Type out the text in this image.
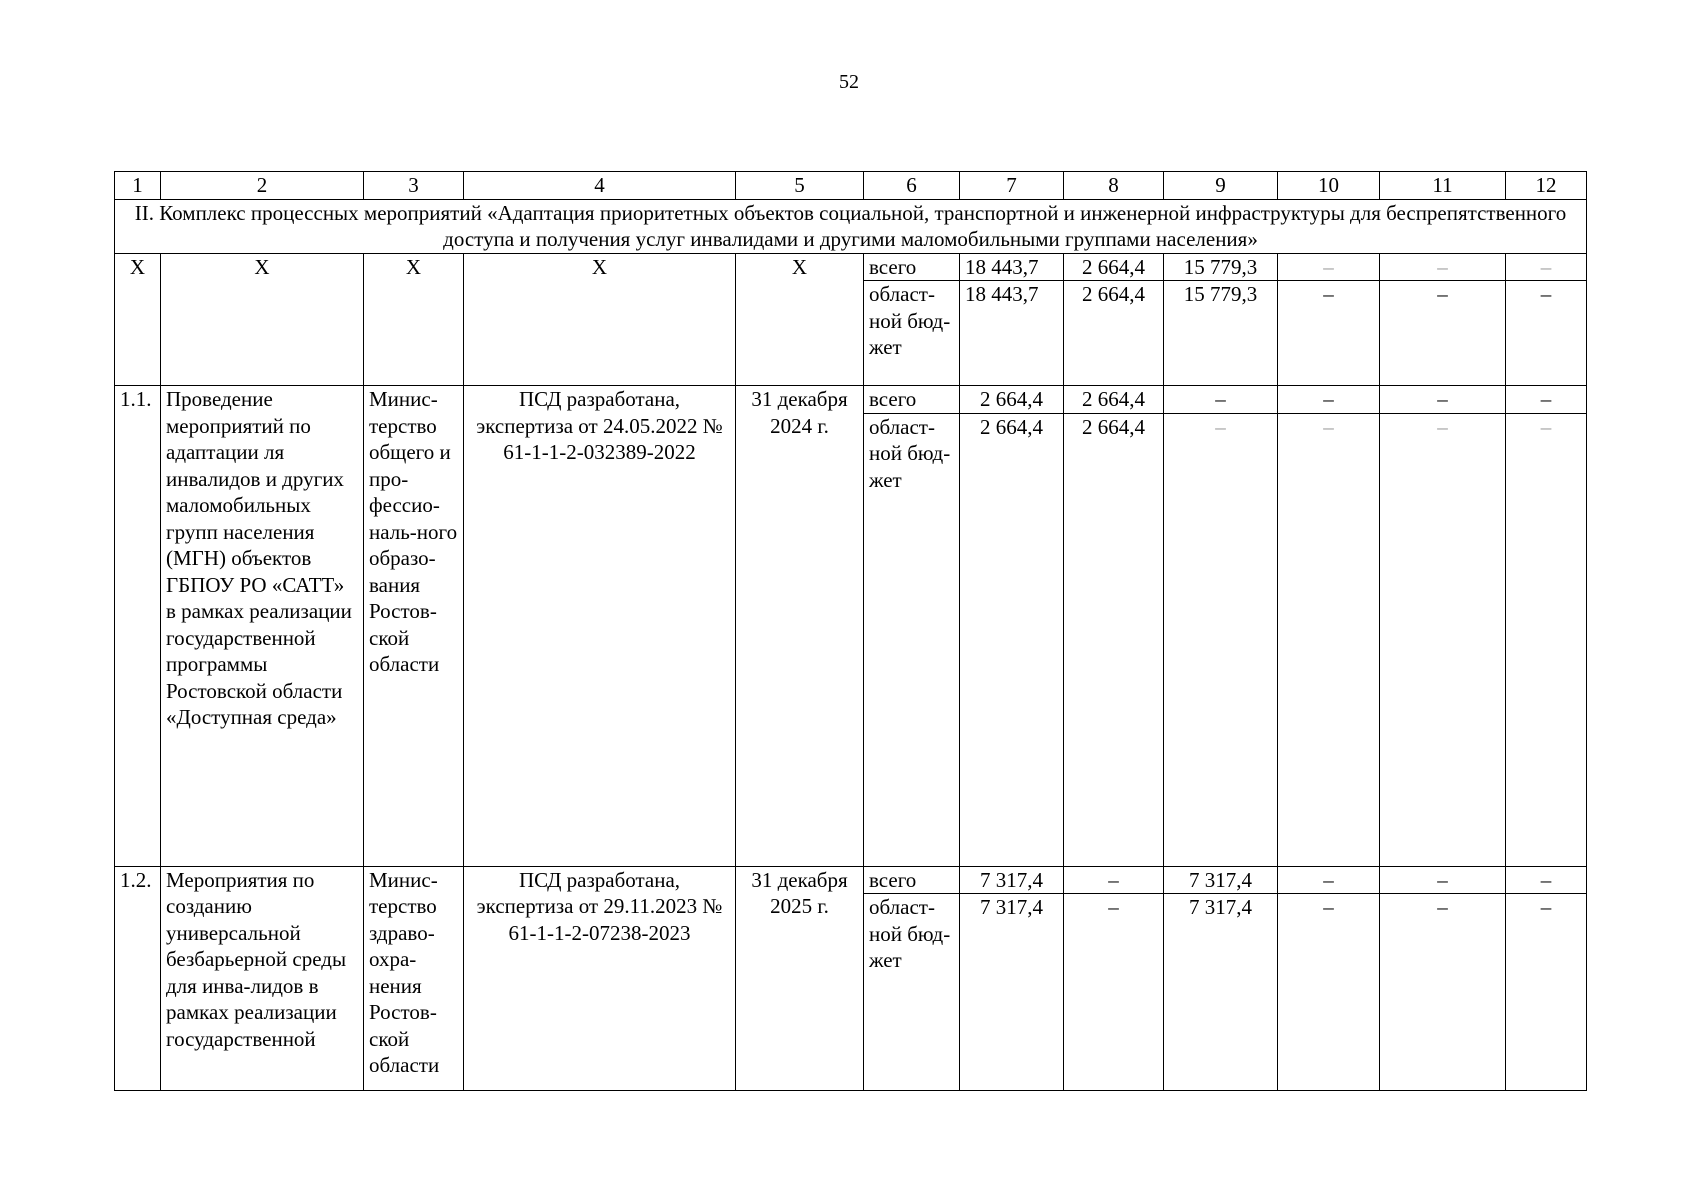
52
1	2	3	4	5	6	7	8	9	10	11	12
II. Комплекс процессных мероприятий «Адаптация приоритетных объектов социальной, транспортной и инженерной инфраструктуры для беспрепятственного доступа и получения услуг инвалидами и другими маломобильными группами населения»											
X	X	X	X	X	всего	18 443,7	2 664,4	15 779,3	–	–	–
					област-ной бюд-жет	18 443,7	2 664,4	15 779,3	–	–	–
1.1.	Проведение мероприятий по адаптации ля инвалидов и других маломобильных групп населения (МГН) объектов ГБПОУ РО «САТТ» в рамках реализации государственной программы Ростовской области «Доступная среда»	Минис-терство общего и про-фессио-наль-ного образо-вания Ростов-ской области	ПСД разработана, экспертиза от 24.05.2022 № 61-1-1-2-032389-2022	31 декабря 2024 г.	всего	2 664,4	2 664,4	–	–	–	–
					област-ной бюд-жет	2 664,4	2 664,4	–	–	–	–
1.2.	Мероприятия по созданию универсальной безбарьерной среды для инва-лидов в рамках реализации государственной	Минис-терство здраво-охра-нения Ростов-ской области	ПСД разработана, экспертиза от 29.11.2023 № 61-1-1-2-07238-2023	31 декабря 2025 г.	всего	7 317,4	–	7 317,4	–	–	–
					област-ной бюд-жет	7 317,4	–	7 317,4	–	–	–
